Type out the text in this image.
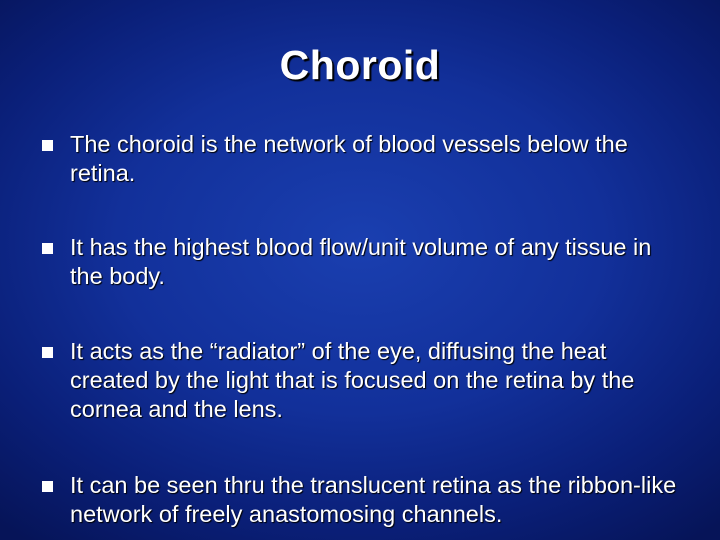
Choroid
The choroid is the network of blood vessels below the retina.
It has the highest blood flow/unit volume of any tissue in the body.
It acts as the “radiator” of the eye, diffusing the heat created by the light that is focused on the retina by the cornea and the lens.
It can be seen thru the translucent retina as the ribbon-like network of freely anastomosing channels.
